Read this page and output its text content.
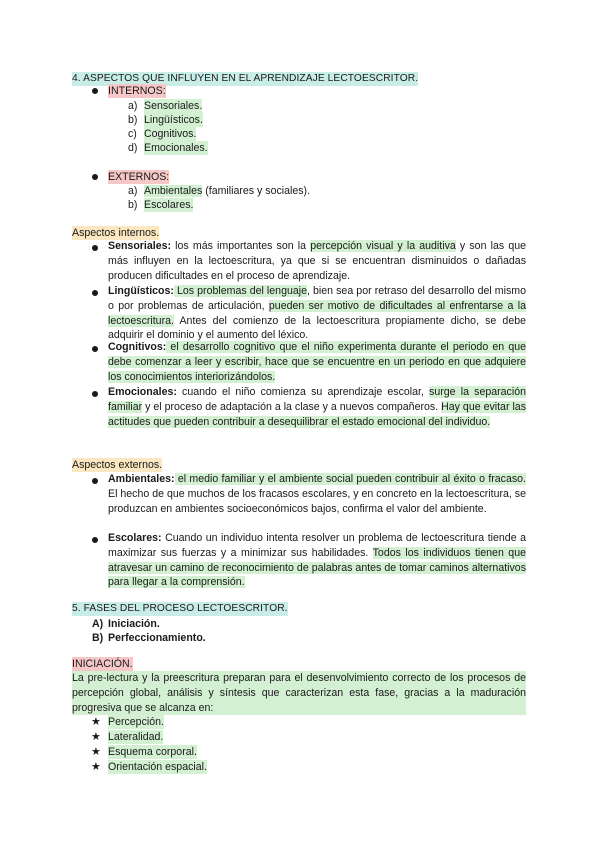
4. ASPECTOS QUE INFLUYEN EN EL APRENDIZAJE LECTOESCRITOR.
INTERNOS:
a) Sensoriales.
b) Lingüísticos.
c) Cognitivos.
d) Emocionales.
EXTERNOS:
a) Ambientales (familiares y sociales).
b) Escolares.
Aspectos internos.
Sensoriales: los más importantes son la percepción visual y la auditiva y son las que más influyen en la lectoescritura, ya que si se encuentran disminuidos o dañadas producen dificultades en el proceso de aprendizaje.
Lingüísticos: Los problemas del lenguaje, bien sea por retraso del desarrollo del mismo o por problemas de articulación, pueden ser motivo de dificultades al enfrentarse a la lectoescritura. Antes del comienzo de la lectoescritura propiamente dicho, se debe adquirir el dominio y el aumento del léxico.
Cognitivos: el desarrollo cognitivo que el niño experimenta durante el periodo en que debe comenzar a leer y escribir, hace que se encuentre en un periodo en que adquiere los conocimientos interiorizándolos.
Emocionales: cuando el niño comienza su aprendizaje escolar, surge la separación familiar y el proceso de adaptación a la clase y a nuevos compañeros. Hay que evitar las actitudes que pueden contribuir a desequilibrar el estado emocional del individuo.
Aspectos externos.
Ambientales: el medio familiar y el ambiente social pueden contribuir al éxito o fracaso. El hecho de que muchos de los fracasos escolares, y en concreto en la lectoescritura, se produzcan en ambientes socioeconómicos bajos, confirma el valor del ambiente.
Escolares: Cuando un individuo intenta resolver un problema de lectoescritura tiende a maximizar sus fuerzas y a minimizar sus habilidades. Todos los individuos tienen que atravesar un camino de reconocimiento de palabras antes de tomar caminos alternativos para llegar a la comprensión.
5. FASES DEL PROCESO LECTOESCRITOR.
A) Iniciación.
B) Perfeccionamiento.
INICIACIÓN.
La pre-lectura y la preescritura preparan para el desenvolvimiento correcto de los procesos de percepción global, análisis y síntesis que caracterizan esta fase, gracias a la maduración progresiva que se alcanza en:
★ Percepción.
★ Lateralidad.
★ Esquema corporal.
★ Orientación espacial.
